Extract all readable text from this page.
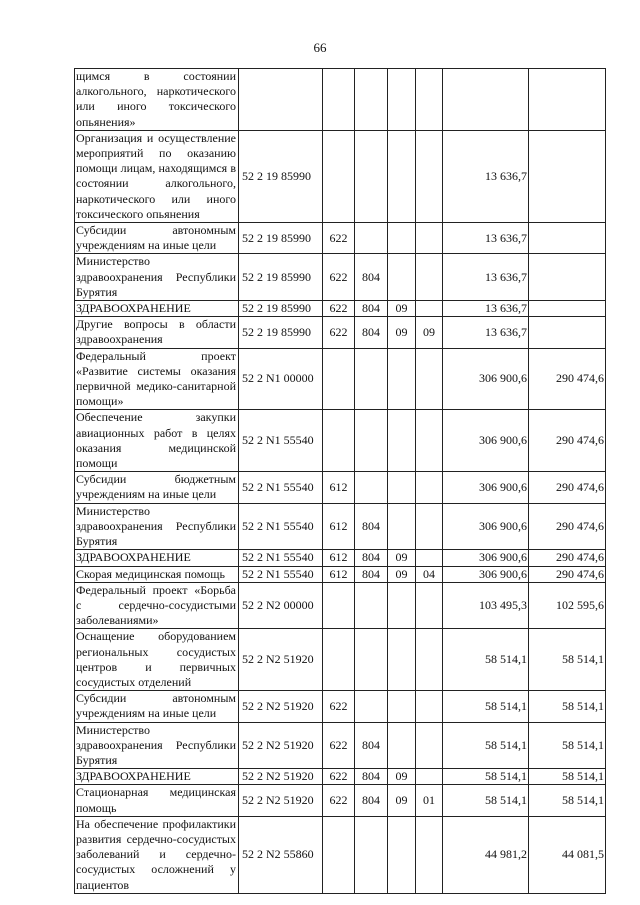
66
щимся в состоянии алкогольного, наркотического или иного токсического опьянения»								
Организация и осуществление мероприятий по оказанию помощи лицам, находящимся в состоянии алкогольного, наркотического или иного токсического опьянения	52 2 19 85990					13 636,7		
Субсидии автономным учреждениям на иные цели	52 2 19 85990	622				13 636,7		
Министерство здравоохранения Республики Бурятия	52 2 19 85990	622	804			13 636,7		
ЗДРАВООХРАНЕНИЕ	52 2 19 85990	622	804	09		13 636,7		
Другие вопросы в области здравоохранения	52 2 19 85990	622	804	09	09	13 636,7		
Федеральный проект «Развитие системы оказания первичной медико-санитарной помощи»	52 2 N1 00000					306 900,6	290 474,6	
Обеспечение закупки авиационных работ в целях оказания медицинской помощи	52 2 N1 55540					306 900,6	290 474,6	
Субсидии бюджетным учреждениям на иные цели	52 2 N1 55540	612				306 900,6	290 474,6	
Министерство здравоохранения Республики Бурятия	52 2 N1 55540	612	804			306 900,6	290 474,6	
ЗДРАВООХРАНЕНИЕ	52 2 N1 55540	612	804	09		306 900,6	290 474,6	
Скорая медицинская помощь	52 2 N1 55540	612	804	09	04	306 900,6	290 474,6	
Федеральный проект «Борьба с сердечно-сосудистыми заболеваниями»	52 2 N2 00000					103 495,3	102 595,6	
Оснащение оборудованием региональных сосудистых центров и первичных сосудистых отделений	52 2 N2 51920					58 514,1	58 514,1	
Субсидии автономным учреждениям на иные цели	52 2 N2 51920	622				58 514,1	58 514,1	
Министерство здравоохранения Республики Бурятия	52 2 N2 51920	622	804			58 514,1	58 514,1	
ЗДРАВООХРАНЕНИЕ	52 2 N2 51920	622	804	09		58 514,1	58 514,1	
Стационарная медицинская помощь	52 2 N2 51920	622	804	09	01	58 514,1	58 514,1	
На обеспечение профилактики развития сердечно-сосудистых заболеваний и сердечно-сосудистых осложнений у пациентов	52 2 N2 55860					44 981,2	44 081,5	
